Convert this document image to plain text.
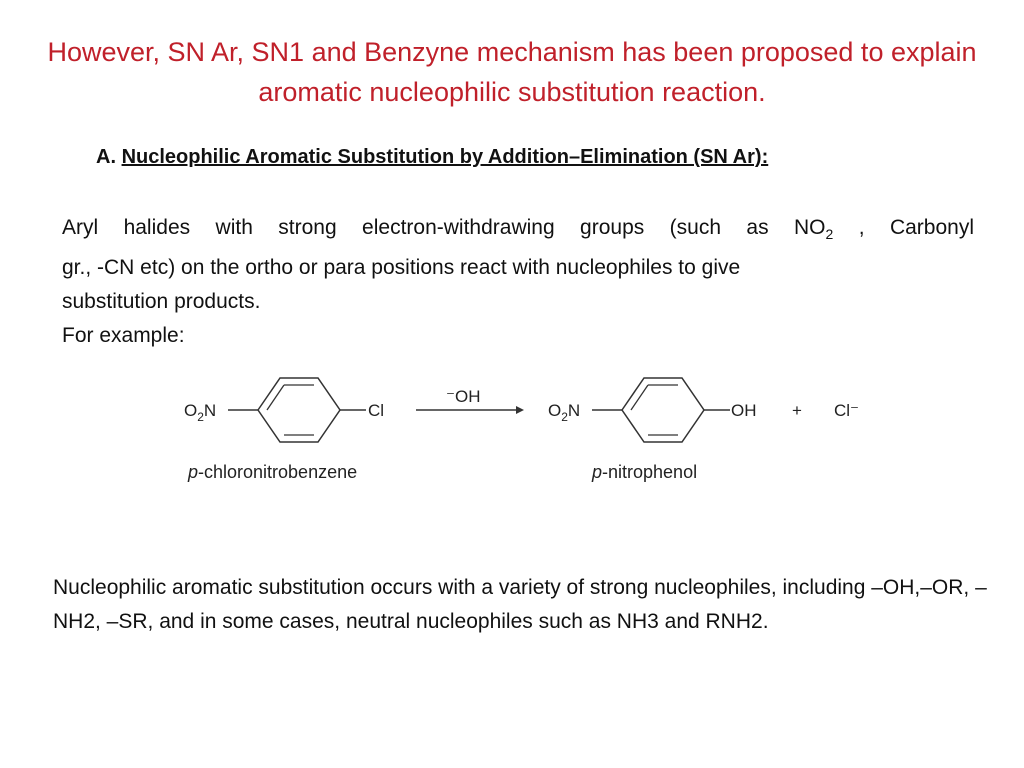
However, SN Ar, SN1 and Benzyne mechanism has been proposed to explain aromatic nucleophilic substitution reaction.
A. Nucleophilic Aromatic Substitution by Addition–Elimination (SN Ar):
Aryl halides with strong electron-withdrawing groups (such as $NO_2$ , Carbonyl
gr., -CN etc) on the ortho or para positions react with nucleophiles to give
substitution products.
For example:
$O_2N$	Cl
⁻OH
$O_2N$	OH + Cl⁻
p-chloronitrobenzene	p-nitrophenol
Nucleophilic aromatic substitution occurs with a variety of strong nucleophiles, including –OH,–OR, –NH2, –SR, and in some cases, neutral nucleophiles such as NH3 and RNH2.
